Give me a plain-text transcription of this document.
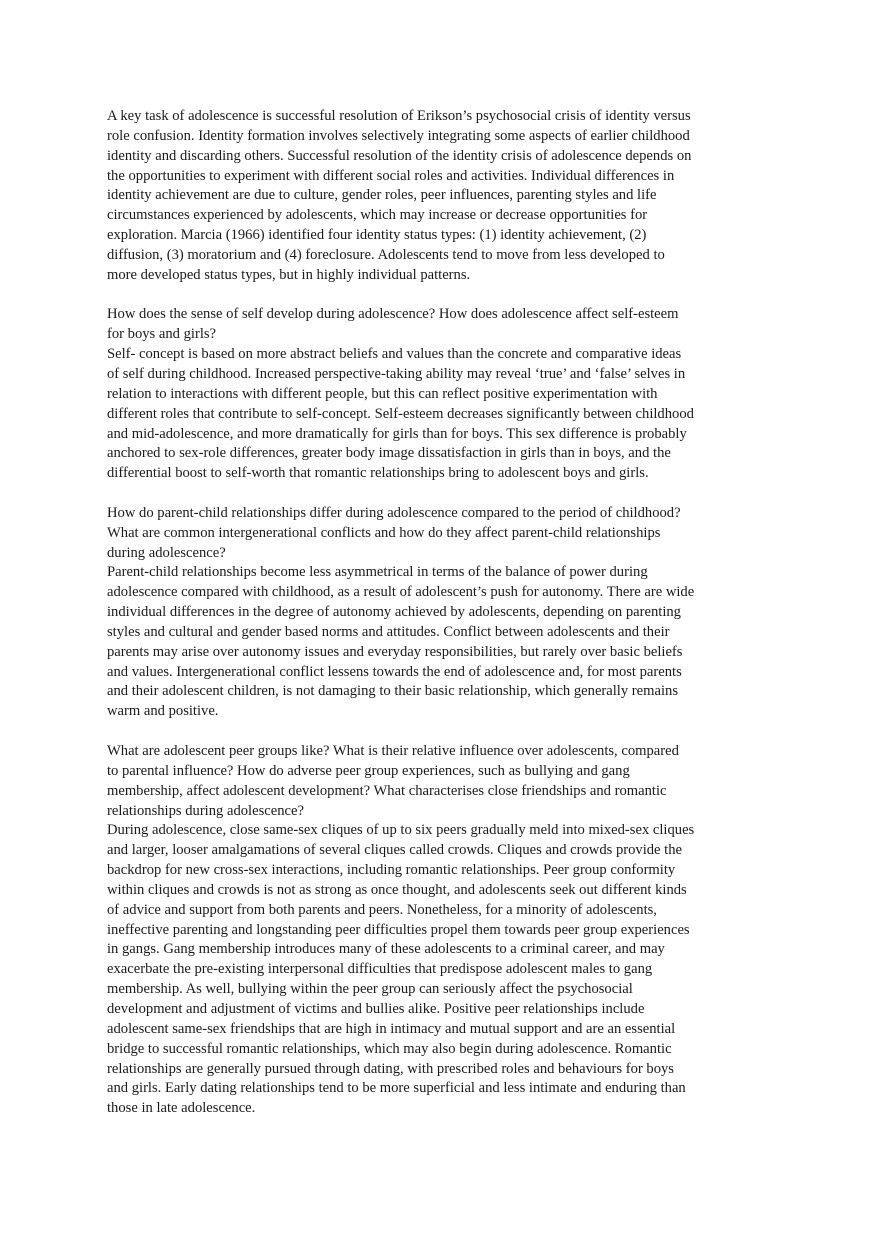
A key task of adolescence is successful resolution of Erikson’s psychosocial crisis of identity versus
role confusion. Identity formation involves selectively integrating some aspects of earlier childhood
identity and discarding others. Successful resolution of the identity crisis of adolescence depends on
the opportunities to experiment with different social roles and activities. Individual differences in
identity achievement are due to culture, gender roles, peer influences, parenting styles and life
circumstances experienced by adolescents, which may increase or decrease opportunities for
exploration. Marcia (1966) identified four identity status types: (1) identity achievement, (2)
diffusion, (3) moratorium and (4) foreclosure. Adolescents tend to move from less developed to
more developed status types, but in highly individual patterns.
How does the sense of self develop during adolescence? How does adolescence affect self-esteem
for boys and girls?
Self- concept is based on more abstract beliefs and values than the concrete and comparative ideas
of self during childhood. Increased perspective-taking ability may reveal ‘true’ and ‘false’ selves in
relation to interactions with different people, but this can reflect positive experimentation with
different roles that contribute to self-concept. Self-esteem decreases significantly between childhood
and mid-adolescence, and more dramatically for girls than for boys. This sex difference is probably
anchored to sex-role differences, greater body image dissatisfaction in girls than in boys, and the
differential boost to self-worth that romantic relationships bring to adolescent boys and girls.
How do parent-child relationships differ during adolescence compared to the period of childhood?
What are common intergenerational conflicts and how do they affect parent-child relationships
during adolescence?
Parent-child relationships become less asymmetrical in terms of the balance of power during
adolescence compared with childhood, as a result of adolescent’s push for autonomy. There are wide
individual differences in the degree of autonomy achieved by adolescents, depending on parenting
styles and cultural and gender based norms and attitudes. Conflict between adolescents and their
parents may arise over autonomy issues and everyday responsibilities, but rarely over basic beliefs
and values. Intergenerational conflict lessens towards the end of adolescence and, for most parents
and their adolescent children, is not damaging to their basic relationship, which generally remains
warm and positive.
What are adolescent peer groups like? What is their relative influence over adolescents, compared
to parental influence? How do adverse peer group experiences, such as bullying and gang
membership, affect adolescent development? What characterises close friendships and romantic
relationships during adolescence?
During adolescence, close same-sex cliques of up to six peers gradually meld into mixed-sex cliques
and larger, looser amalgamations of several cliques called crowds. Cliques and crowds provide the
backdrop for new cross-sex interactions, including romantic relationships. Peer group conformity
within cliques and crowds is not as strong as once thought, and adolescents seek out different kinds
of advice and support from both parents and peers. Nonetheless, for a minority of adolescents,
ineffective parenting and longstanding peer difficulties propel them towards peer group experiences
in gangs. Gang membership introduces many of these adolescents to a criminal career, and may
exacerbate the pre-existing interpersonal difficulties that predispose adolescent males to gang
membership. As well, bullying within the peer group can seriously affect the psychosocial
development and adjustment of victims and bullies alike. Positive peer relationships include
adolescent same-sex friendships that are high in intimacy and mutual support and are an essential
bridge to successful romantic relationships, which may also begin during adolescence. Romantic
relationships are generally pursued through dating, with prescribed roles and behaviours for boys
and girls. Early dating relationships tend to be more superficial and less intimate and enduring than
those in late adolescence.
